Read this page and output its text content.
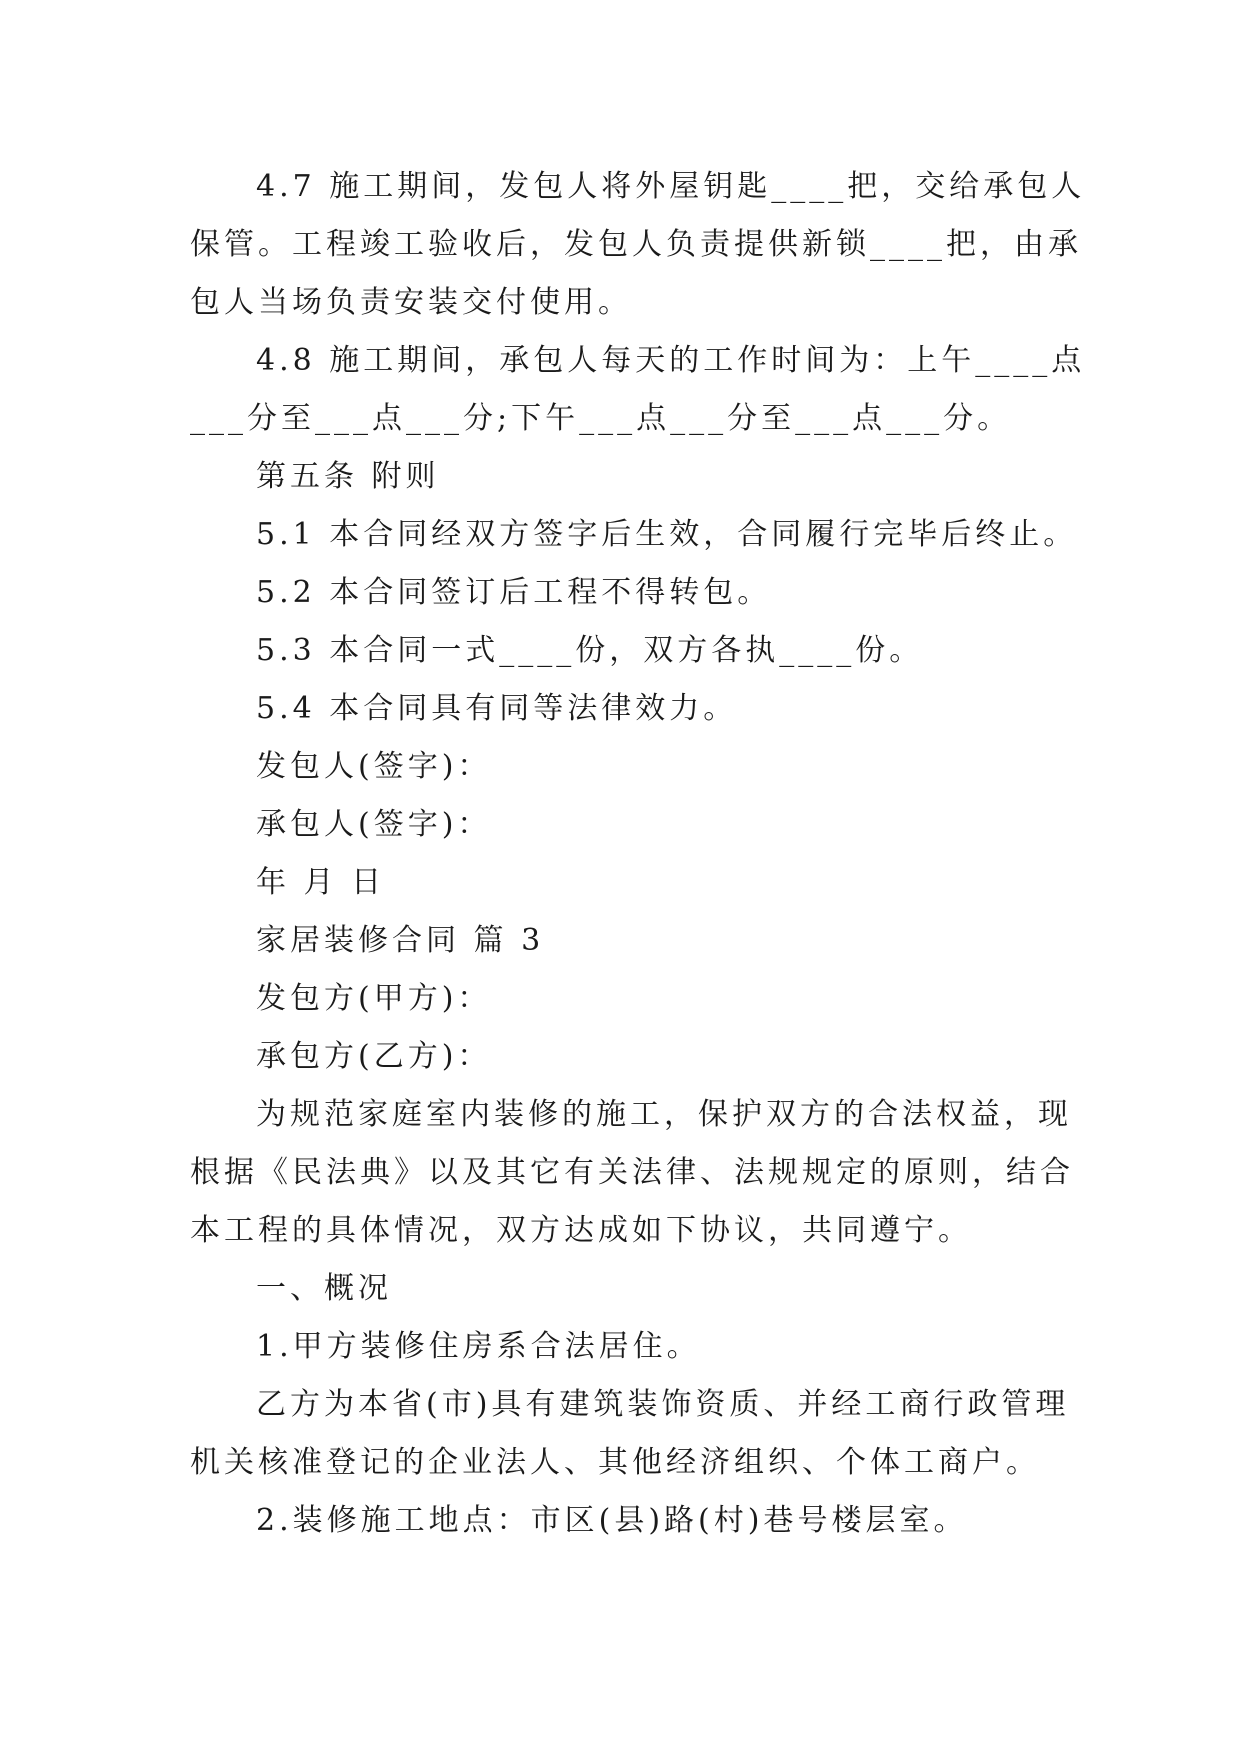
4.7 施工期间，发包人将外屋钥匙____把，交给承包人
保管。工程竣工验收后，发包人负责提供新锁____把，由承
包人当场负责安装交付使用。
4.8 施工期间，承包人每天的工作时间为：上午____点
___分至___点___分;下午___点___分至___点___分。
第五条 附则
5.1 本合同经双方签字后生效，合同履行完毕后终止。
5.2 本合同签订后工程不得转包。
5.3 本合同一式____份，双方各执____份。
5.4 本合同具有同等法律效力。
发包人(签字)：
承包人(签字)：
年 月 日
家居装修合同 篇 3
发包方(甲方)：
承包方(乙方)：
为规范家庭室内装修的施工，保护双方的合法权益，现
根据《民法典》以及其它有关法律、法规规定的原则，结合
本工程的具体情况，双方达成如下协议，共同遵宁。
一、概况
1.甲方装修住房系合法居住。
乙方为本省(市)具有建筑装饰资质、并经工商行政管理
机关核准登记的企业法人、其他经济组织、个体工商户。
2.装修施工地点：市区(县)路(村)巷号楼层室。
